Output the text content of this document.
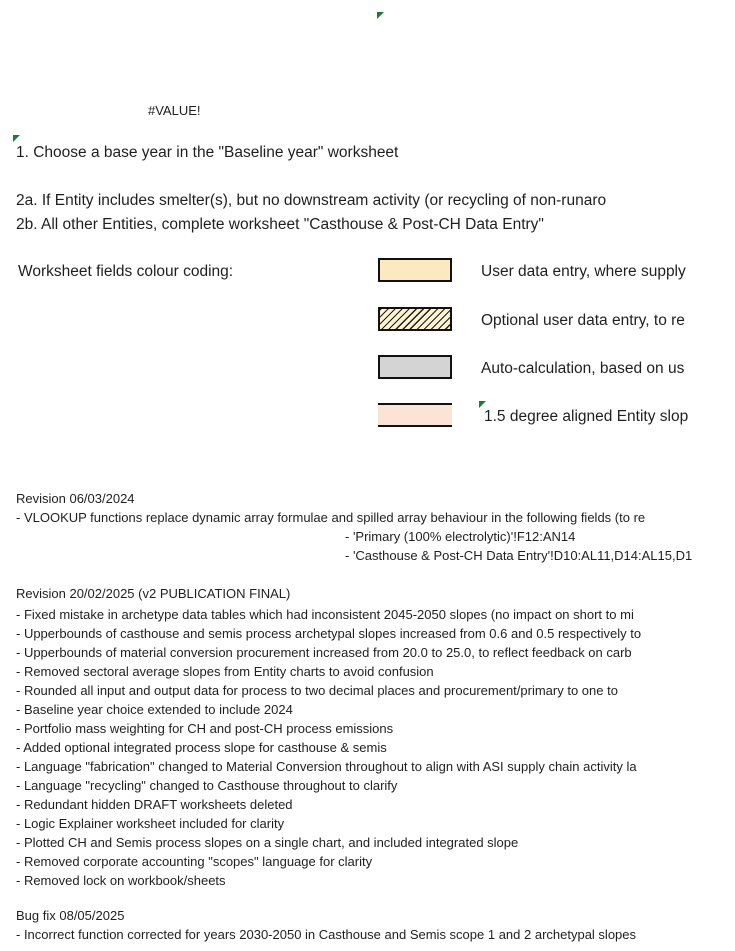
#VALUE!
1. Choose a base year in the "Baseline year" worksheet
2a. If Entity includes smelter(s), but no downstream activity (or recycling of non-runaro
2b. All other Entities, complete worksheet "Casthouse & Post-CH Data Entry"
Worksheet fields colour coding:	User data entry, where supply
Optional user data entry, to re
Auto-calculation, based on us
1.5 degree aligned Entity slop
Revision 06/03/2024
- VLOOKUP functions replace dynamic array formulae and spilled array behaviour in the following fields (to re
- 'Primary (100% electrolytic)'!F12:AN14
- 'Casthouse & Post-CH Data Entry'!D10:AL11,D14:AL15,D1
Revision 20/02/2025 (v2 PUBLICATION FINAL)
- Fixed mistake in archetype data tables which had inconsistent 2045-2050 slopes (no impact on short to mi
- Upperbounds of casthouse and semis process archetypal slopes increased from 0.6 and 0.5 respectively to
- Upperbounds of material conversion procurement increased from 20.0 to 25.0, to reflect feedback on carb
- Removed sectoral average slopes from Entity charts to avoid confusion
- Rounded all input and output data for process to two decimal places and procurement/primary to one to
- Baseline year choice extended to include 2024
- Portfolio mass weighting for CH and post-CH process emissions
- Added optional integrated process slope for casthouse & semis
- Language "fabrication" changed to Material Conversion throughout to align with ASI supply chain activity la
- Language "recycling" changed to Casthouse throughout to clarify
- Redundant hidden DRAFT worksheets deleted
- Logic Explainer worksheet included for clarity
- Plotted CH and Semis process slopes on a single chart, and included integrated slope
- Removed corporate accounting "scopes" language for clarity
- Removed lock on workbook/sheets
Bug fix 08/05/2025
- Incorrect function corrected for years 2030-2050 in Casthouse and Semis scope 1 and 2 archetypal slopes
